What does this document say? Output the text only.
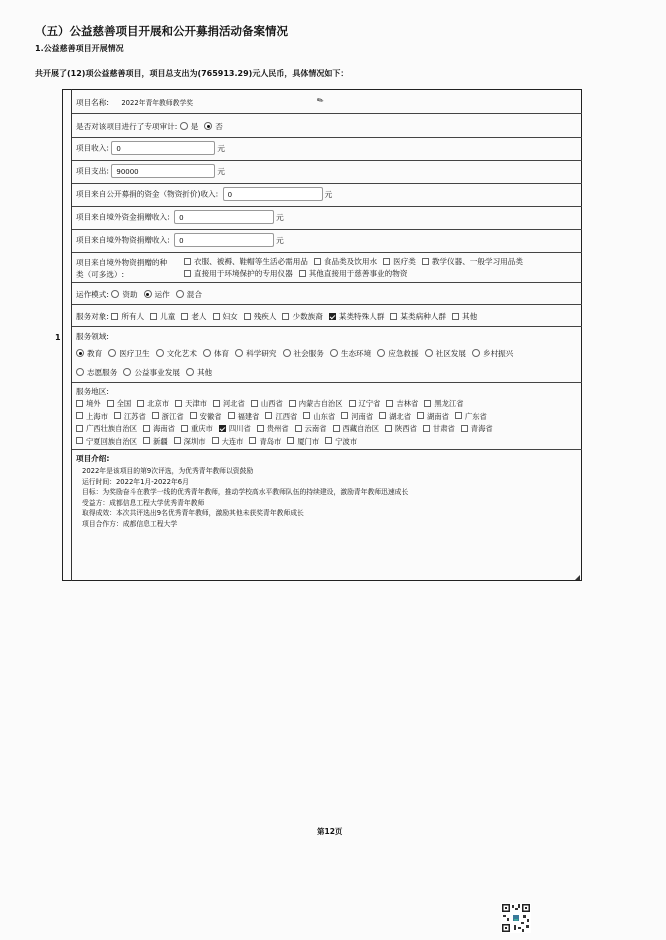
（五）公益慈善项目开展和公开募捐活动备案情况
1.公益慈善项目开展情况
共开展了(12)项公益慈善项目，项目总支出为(765913.29)元人民币，具体情况如下：
1
项目名称: 2022年青年教师教学奖	✎
是否对该项目进行了专项审计: 是 否
项目收入: 0	元
项目支出: 90000	元
项目来自公开募捐的资金（物资折价)收入: 0	元
项目来自境外资金捐赠收入: 0	元
项目来自境外物资捐赠收入: 0	元
项目来自境外物资捐赠的种
类（可多选）:
衣服、被褥、鞋帽等生活必需用品 食品类及饮用水 医疗类 教学仪器、一般学习用品类
直接用于环境保护的专用仪器 其他直接用于慈善事业的物资
运作模式: 资助 运作 混合
服务对象: 所有人 儿童 老人 妇女 残疾人 少数族裔 某类特殊人群 某类病种人群 其他
服务领域:
教育 医疗卫生 文化艺术 体育 科学研究 社会服务 生态环境 应急救援 社区发展 乡村振兴
志愿服务 公益事业发展 其他
服务地区:
境外 全国 北京市 天津市 河北省 山西省 内蒙古自治区 辽宁省 吉林省 黑龙江省
上海市 江苏省 浙江省 安徽省 福建省 江西省 山东省 河南省 湖北省 湖南省 广东省
广西壮族自治区 海南省 重庆市 四川省 贵州省 云南省 西藏自治区 陕西省 甘肃省 青海省
宁夏回族自治区 新疆 深圳市 大连市 青岛市 厦门市 宁波市
项目介绍:
2022年是该项目的第9次评选，为优秀青年教师以资鼓励
运行时间：2022年1月-2022年6月
目标：为奖励奋斗在教学一线的优秀青年教师，推动学校高水平教师队伍的持续建设，激励青年教师迅速成长
受益方：成都信息工程大学优秀青年教师
取得成效：本次共评选出9名优秀青年教师，激励其他未获奖青年教师成长
项目合作方：成都信息工程大学
第12页
